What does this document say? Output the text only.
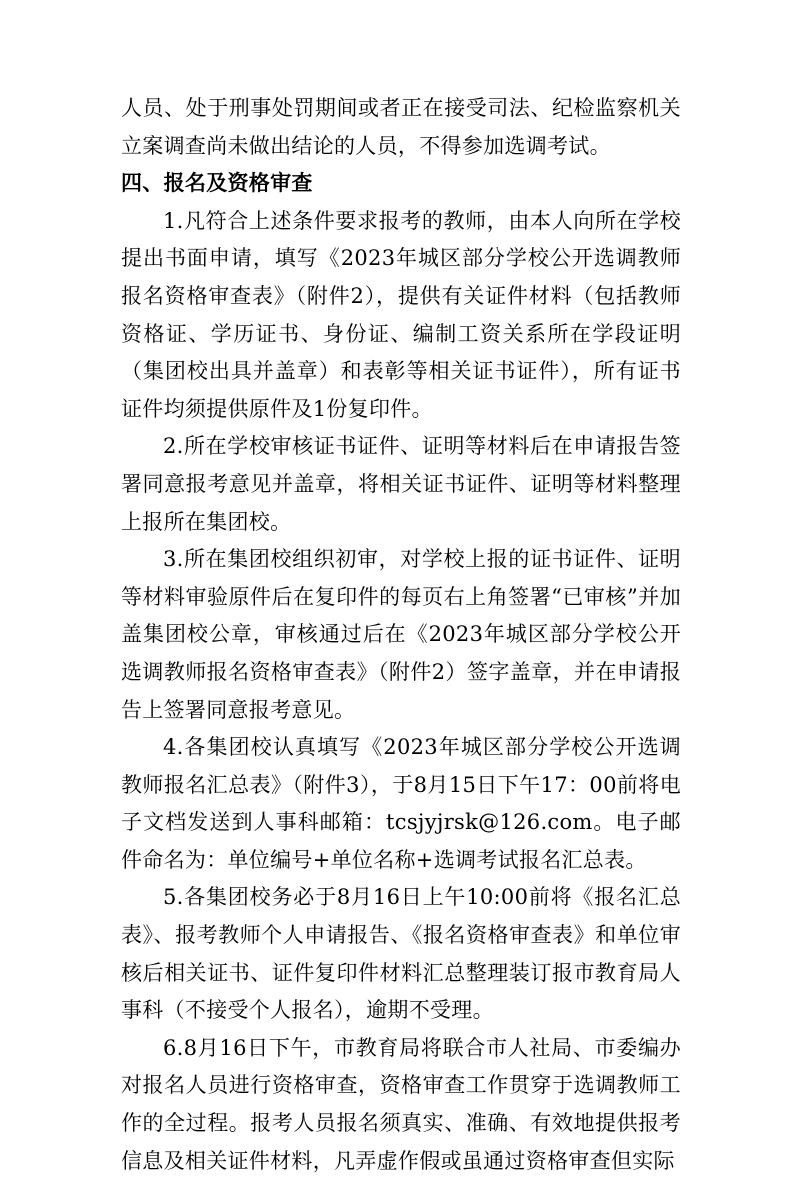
人员、处于刑事处罚期间或者正在接受司法、纪检监察机关立案调查尚未做出结论的人员，不得参加选调考试。

四、报名及资格审查

1.凡符合上述条件要求报考的教师，由本人向所在学校提出书面申请，填写《2023年城区部分学校公开选调教师报名资格审查表》（附件2），提供有关证件材料（包括教师资格证、学历证书、身份证、编制工资关系所在学段证明（集团校出具并盖章）和表彰等相关证书证件），所有证书证件均须提供原件及1份复印件。

2.所在学校审核证书证件、证明等材料后在申请报告签署同意报考意见并盖章，将相关证书证件、证明等材料整理上报所在集团校。

3.所在集团校组织初审，对学校上报的证书证件、证明等材料审验原件后在复印件的每页右上角签署“已审核”并加盖集团校公章，审核通过后在《2023年城区部分学校公开选调教师报名资格审查表》（附件2）签字盖章，并在申请报告上签署同意报考意见。

4.各集团校认真填写《2023年城区部分学校公开选调教师报名汇总表》（附件3），于8月15日下午17：00前将电子文档发送到人事科邮箱：tcsjyjrsk@126.com。电子邮件命名为：单位编号+单位名称+选调考试报名汇总表。

5.各集团校务必于8月16日上午10:00前将《报名汇总表》、报考教师个人申请报告、《报名资格审查表》和单位审核后相关证书、证件复印件材料汇总整理装订报市教育局人事科（不接受个人报名），逾期不受理。

6.8月16日下午，市教育局将联合市人社局、市委编办对报名人员进行资格审查，资格审查工作贯穿于选调教师工作的全过程。报考人员报名须真实、准确、有效地提供报考信息及相关证件材料，凡弄虚作假或虽通过资格审查但实际
